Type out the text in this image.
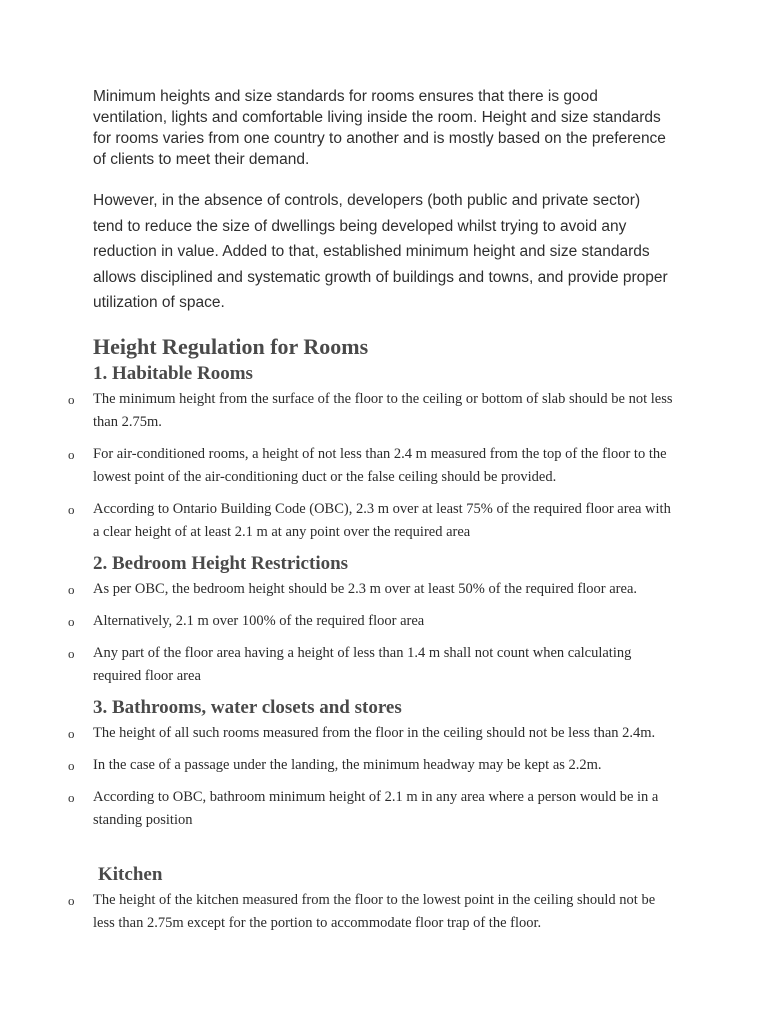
Minimum heights and size standards for rooms ensures that there is good ventilation, lights and comfortable living inside the room. Height and size standards for rooms varies from one country to another and is mostly based on the preference of clients to meet their demand.

However, in the absence of controls, developers (both public and private sector) tend to reduce the size of dwellings being developed whilst trying to avoid any reduction in value. Added to that, established minimum height and size standards allows disciplined and systematic growth of buildings and towns, and provide proper utilization of space.

Height Regulation for Rooms
1. Habitable Rooms
o The minimum height from the surface of the floor to the ceiling or bottom of slab should be not less than 2.75m.
o For air-conditioned rooms, a height of not less than 2.4 m measured from the top of the floor to the lowest point of the air-conditioning duct or the false ceiling should be provided.
o According to Ontario Building Code (OBC), 2.3 m over at least 75% of the required floor area with a clear height of at least 2.1 m at any point over the required area
2. Bedroom Height Restrictions
o As per OBC, the bedroom height should be 2.3 m over at least 50% of the required floor area.
o Alternatively, 2.1 m over 100% of the required floor area
o Any part of the floor area having a height of less than 1.4 m shall not count when calculating required floor area
3. Bathrooms, water closets and stores
o The height of all such rooms measured from the floor in the ceiling should not be less than 2.4m.
o In the case of a passage under the landing, the minimum headway may be kept as 2.2m.
o According to OBC, bathroom minimum height of 2.1 m in any area where a person would be in a standing position
Kitchen
o The height of the kitchen measured from the floor to the lowest point in the ceiling should not be less than 2.75m except for the portion to accommodate floor trap of the floor.
